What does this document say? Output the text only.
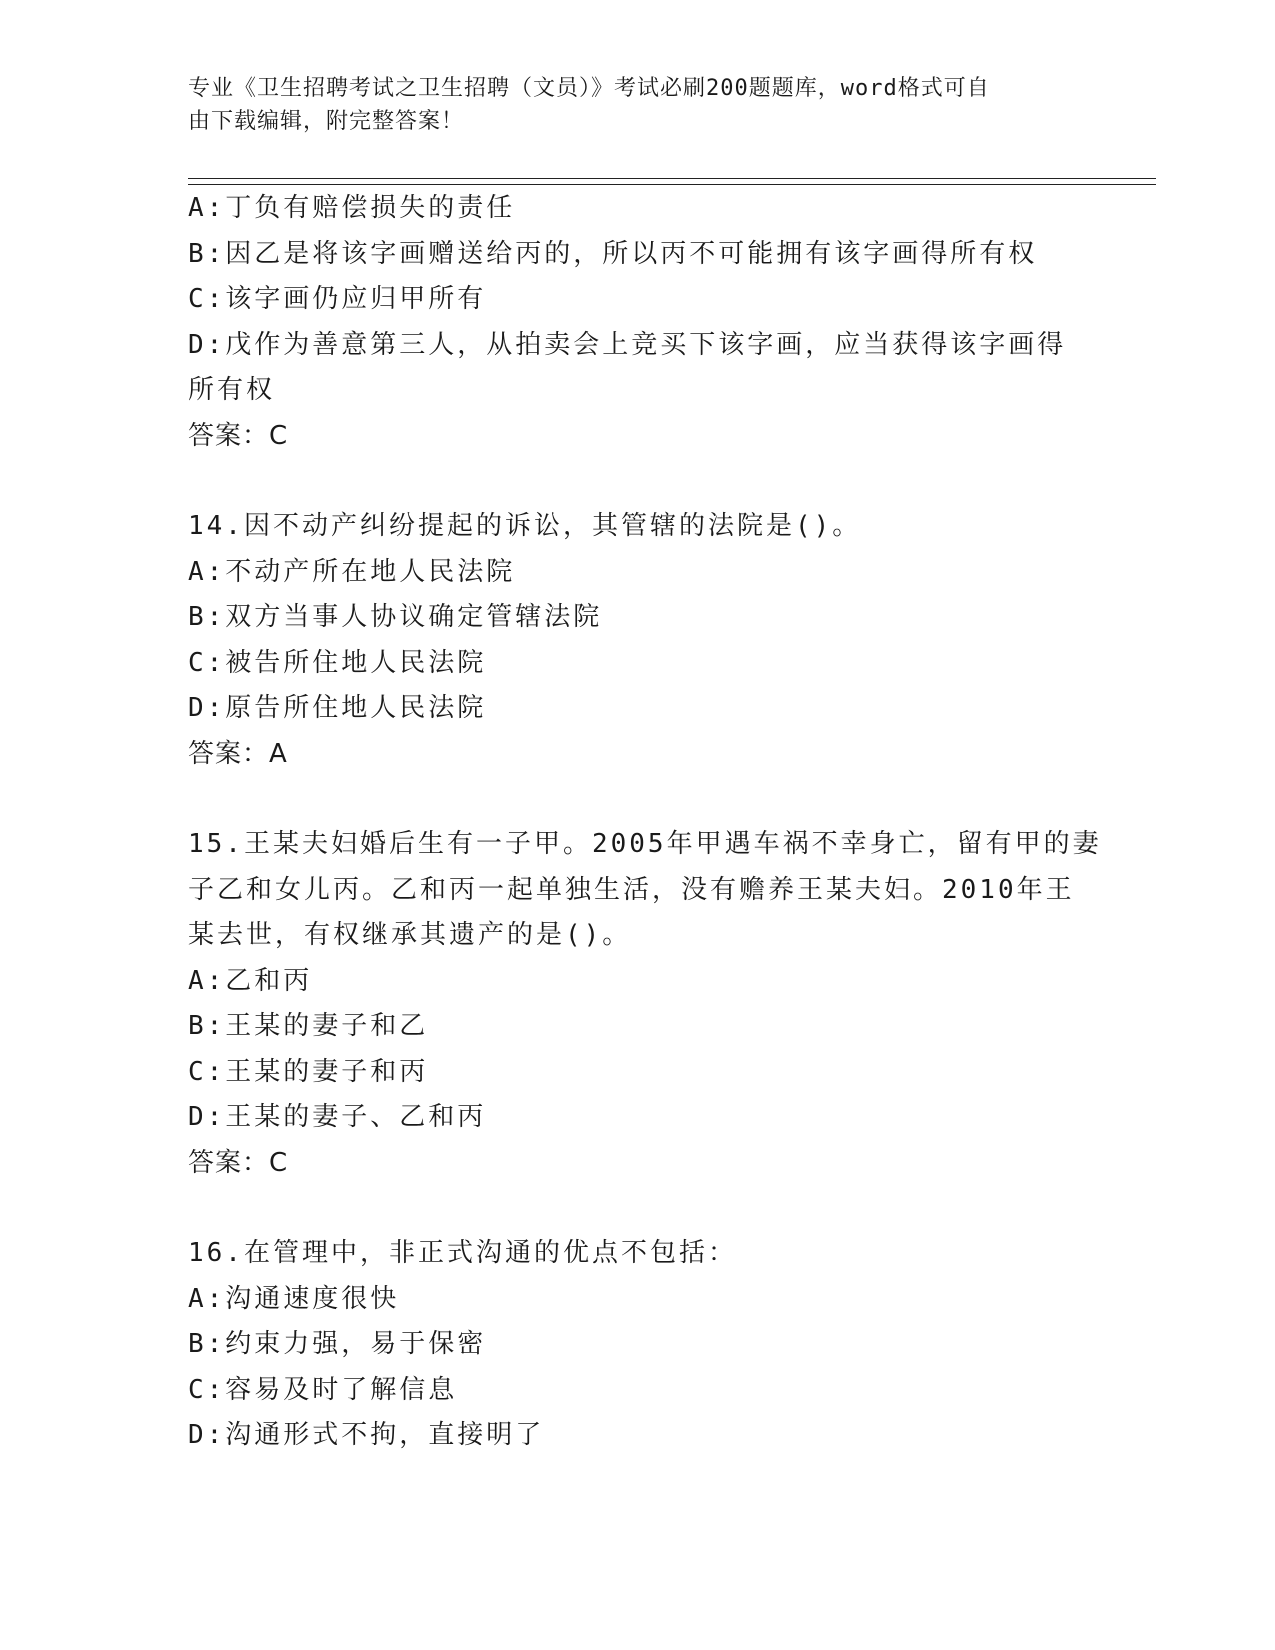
专业《卫生招聘考试之卫生招聘（文员）》考试必刷200题题库，word格式可自
由下载编辑，附完整答案！
A:丁负有赔偿损失的责任
B:因乙是将该字画赠送给丙的，所以丙不可能拥有该字画得所有权
C:该字画仍应归甲所有
D:戊作为善意第三人，从拍卖会上竞买下该字画，应当获得该字画得
所有权
答案：C
14.因不动产纠纷提起的诉讼，其管辖的法院是()。
A:不动产所在地人民法院
B:双方当事人协议确定管辖法院
C:被告所住地人民法院
D:原告所住地人民法院
答案：A
15.王某夫妇婚后生有一子甲。2005年甲遇车祸不幸身亡，留有甲的妻
子乙和女儿丙。乙和丙一起单独生活，没有赡养王某夫妇。2010年王
某去世，有权继承其遗产的是()。
A:乙和丙
B:王某的妻子和乙
C:王某的妻子和丙
D:王某的妻子、乙和丙
答案：C
16.在管理中，非正式沟通的优点不包括：
A:沟通速度很快
B:约束力强，易于保密
C:容易及时了解信息
D:沟通形式不拘，直接明了
